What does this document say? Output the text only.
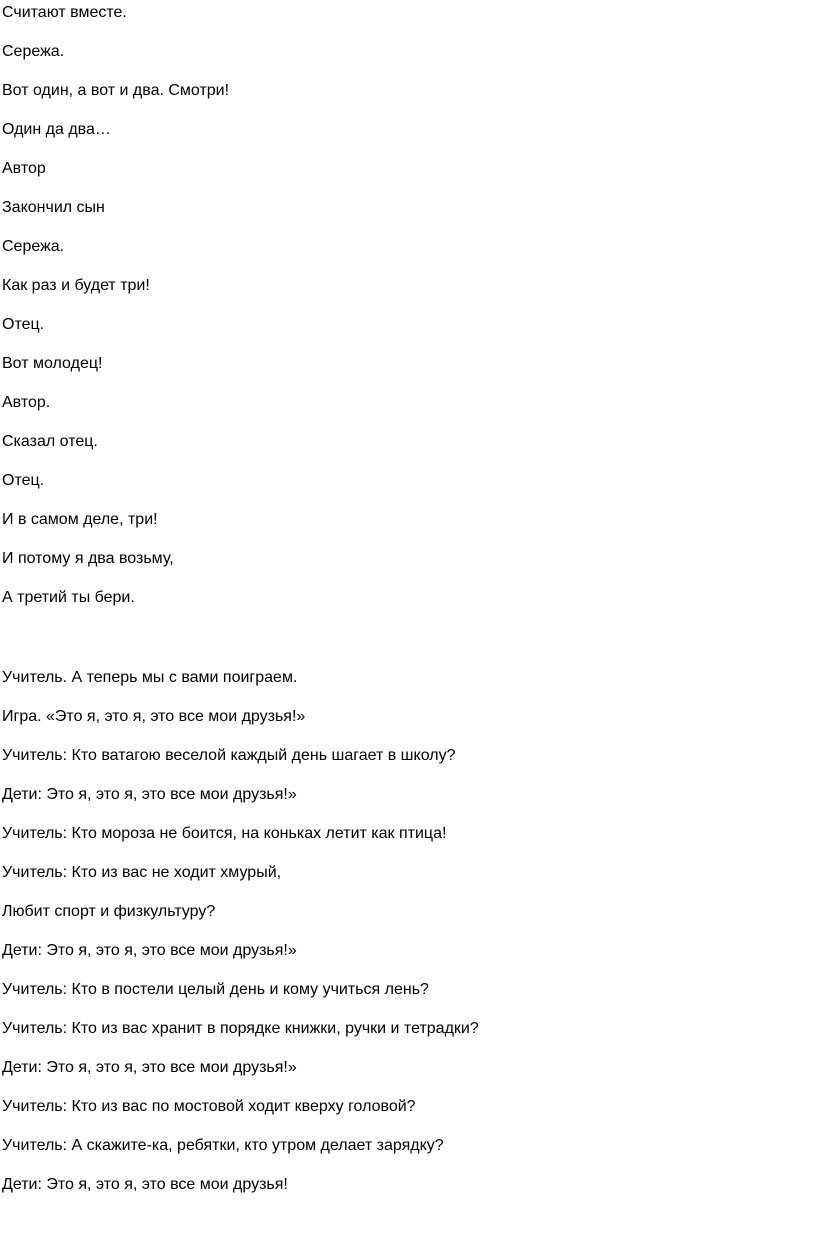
Считают вместе.
Сережа.
Вот один, а вот и два. Смотри!
Один да два…
Автор
Закончил сын
Сережа.
Как раз и будет три!
Отец.
Вот молодец!
Автор.
Сказал отец.
Отец.
И в самом деле, три!
И потому я два возьму,
А третий ты бери.
Учитель. А теперь мы с вами поиграем.
Игра. «Это я, это я, это все мои друзья!»
Учитель: Кто ватагою веселой каждый день шагает в школу?
Дети: Это я, это я, это все мои друзья!»
Учитель: Кто мороза не боится, на коньках летит как птица!
Учитель: Кто из вас не ходит хмурый,
Любит спорт и физкультуру?
Дети: Это я, это я, это все мои друзья!»
Учитель: Кто в постели целый день и кому учиться лень?
Учитель: Кто из вас хранит в порядке книжки, ручки и тетрадки?
Дети: Это я, это я, это все мои друзья!»
Учитель: Кто из вас по мостовой ходит кверху головой?
Учитель: А скажите-ка, ребятки, кто утром делает зарядку?
Дети: Это я, это я, это все мои друзья!
